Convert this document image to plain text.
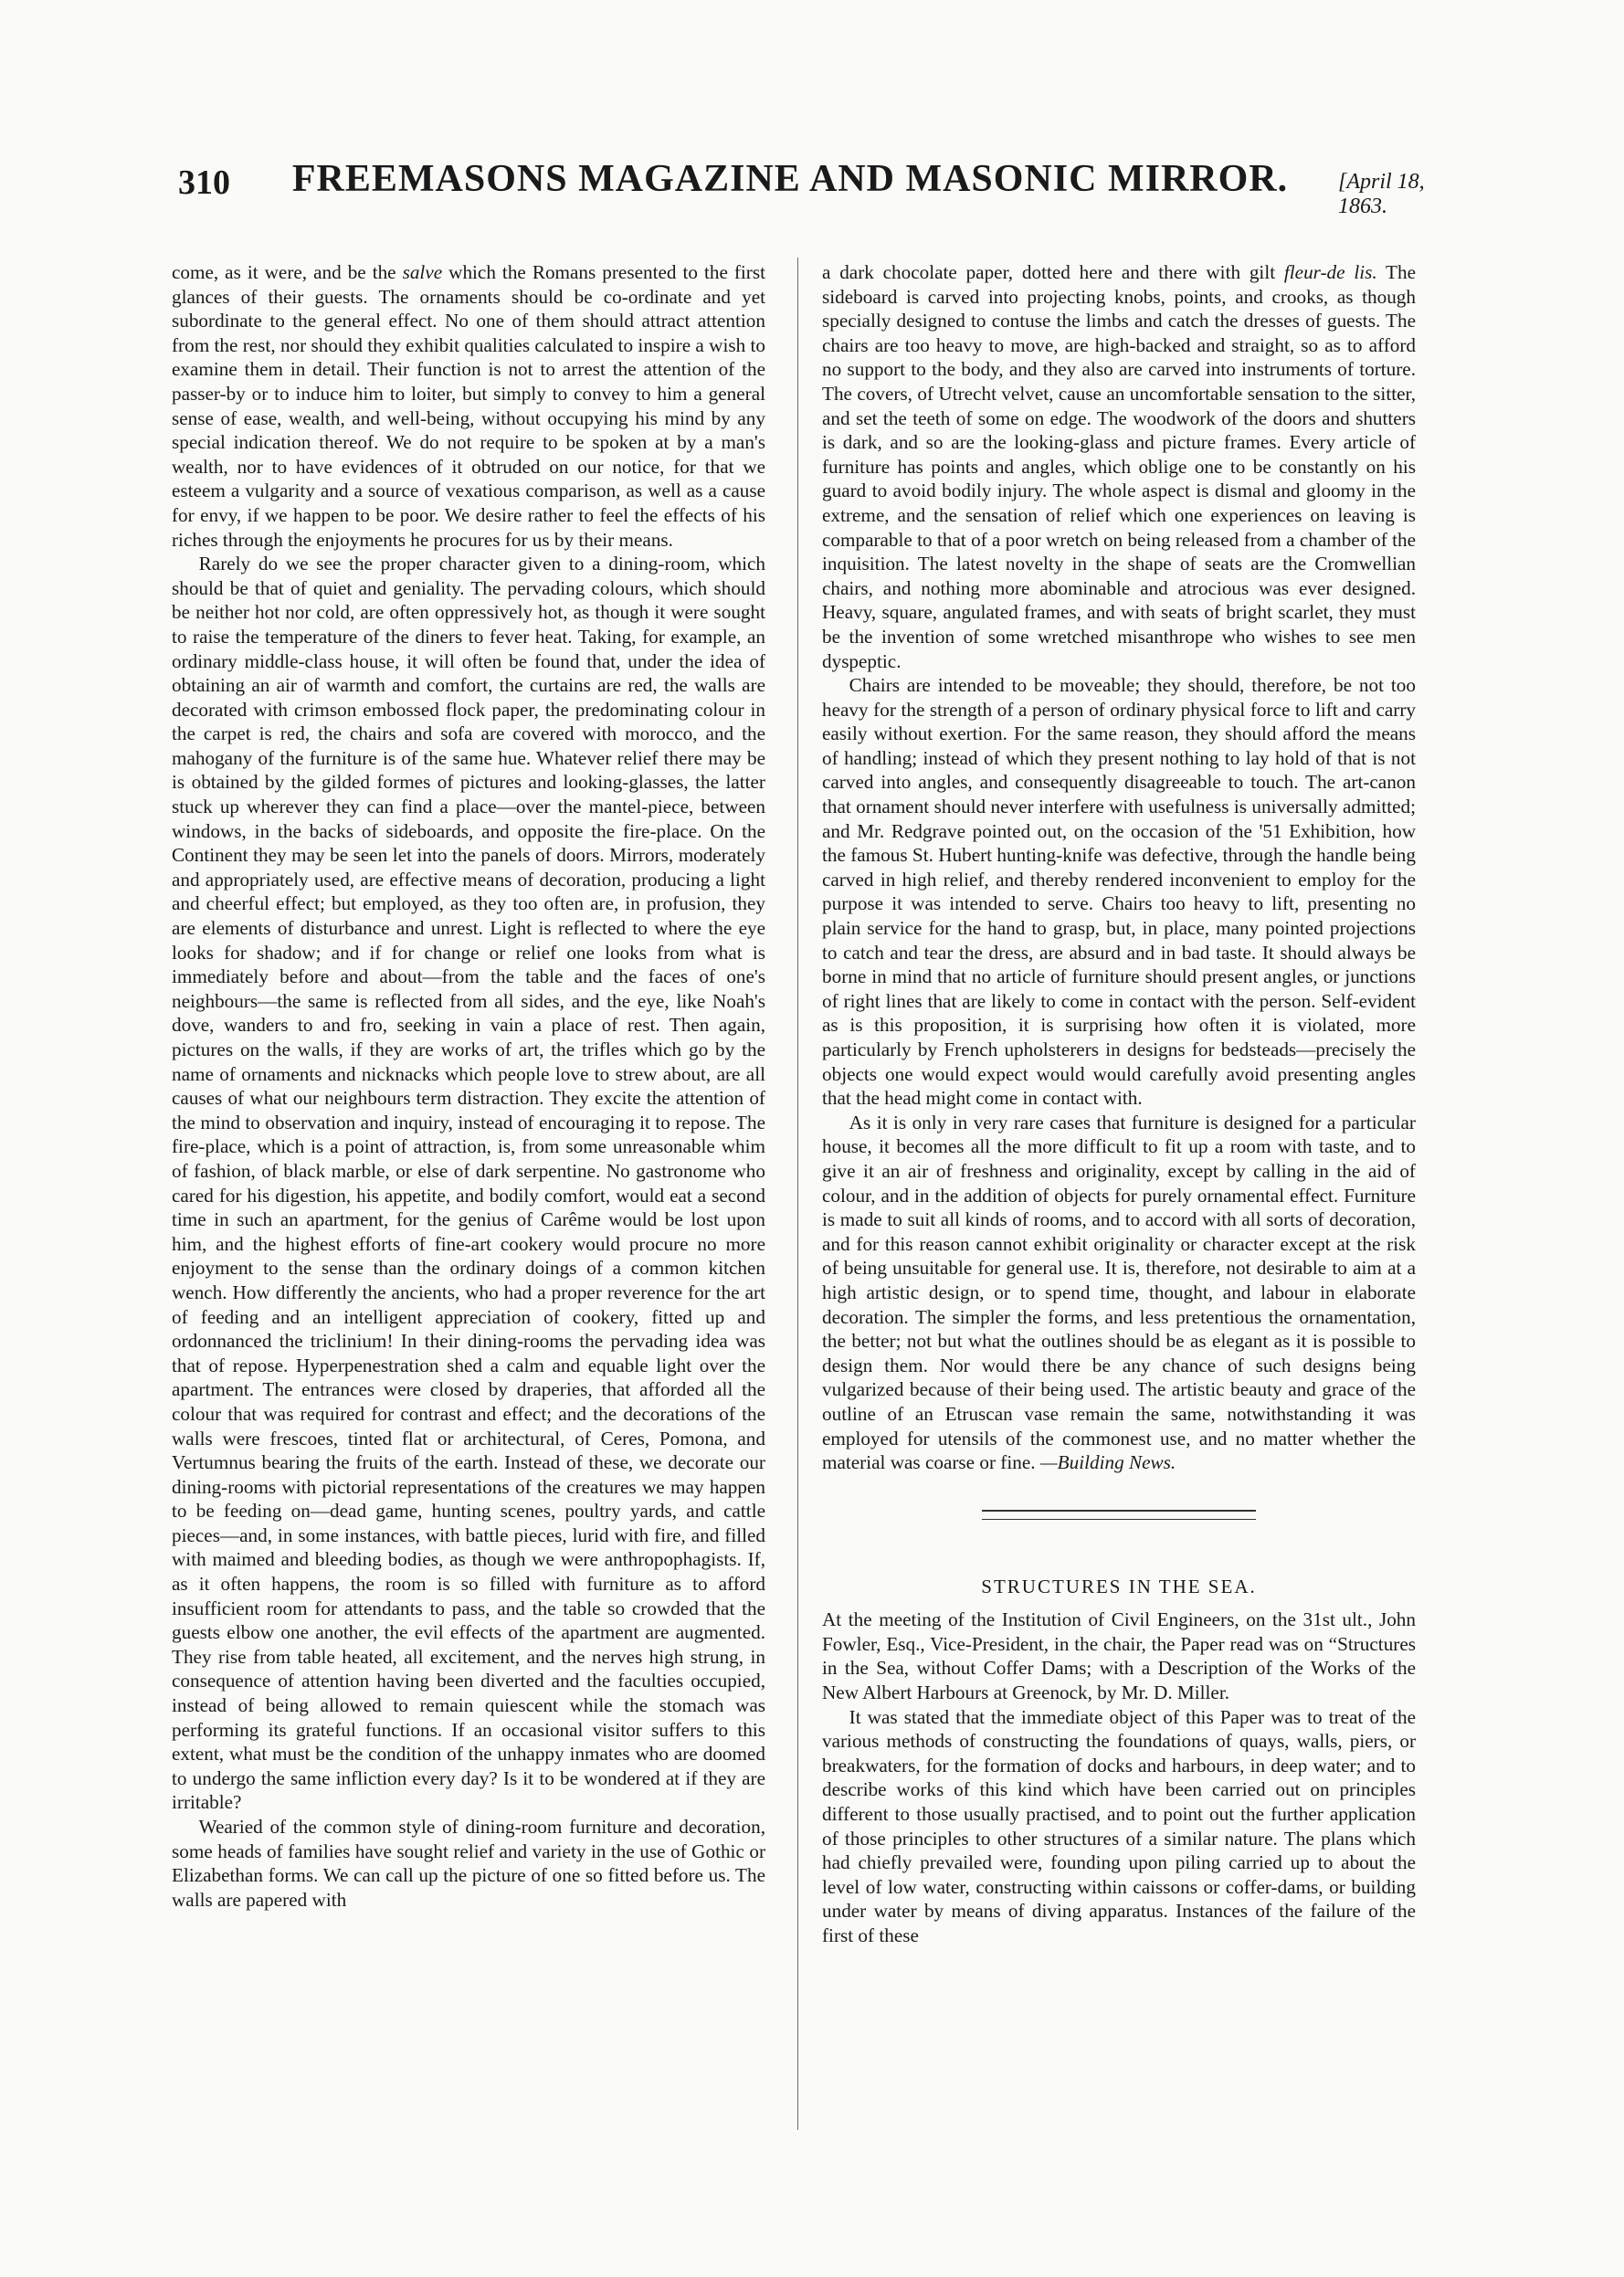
310 FREEMASONS MAGAZINE AND MASONIC MIRROR. [April 18, 1863.

come, as it were, and be the salve which the Romans presented to the first glances of their guests. The ornaments should be co-ordinate and yet subordinate to the general effect. No one of them should attract attention from the rest, nor should they exhibit qualities calculated to inspire a wish to examine them in detail. Their function is not to arrest the attention of the passer-by or to induce him to loiter, but simply to convey to him a general sense of ease, wealth, and well-being, without occupying his mind by any special indication thereof. We do not require to be spoken at by a man's wealth, nor to have evidences of it obtruded on our notice, for that we esteem a vulgarity and a source of vexatious comparison, as well as a cause for envy, if we happen to be poor. We desire rather to feel the effects of his riches through the enjoyments he procures for us by their means.

Rarely do we see the proper character given to a dining-room, which should be that of quiet and geniality. The pervading colours, which should be neither hot nor cold, are often oppressively hot, as though it were sought to raise the temperature of the diners to fever heat. Taking, for example, an ordinary middle-class house, it will often be found that, under the idea of obtaining an air of warmth and comfort, the curtains are red, the walls are decorated with crimson embossed flock paper, the predominating colour in the carpet is red, the chairs and sofa are covered with morocco, and the mahogany of the furniture is of the same hue. Whatever relief there may be is obtained by the gilded formes of pictures and looking-glasses, the latter stuck up wherever they can find a place—over the mantel-piece, between windows, in the backs of sideboards, and opposite the fire-place. On the Continent they may be seen let into the panels of doors. Mirrors, moderately and appropriately used, are effective means of decoration, producing a light and cheerful effect; but employed, as they too often are, in profusion, they are elements of disturbance and unrest. Light is reflected to where the eye looks for shadow; and if for change or relief one looks from what is immediately before and about—from the table and the faces of one's neighbours—the same is reflected from all sides, and the eye, like Noah's dove, wanders to and fro, seeking in vain a place of rest. Then again, pictures on the walls, if they are works of art, the trifles which go by the name of ornaments and nicknacks which people love to strew about, are all causes of what our neighbours term distraction. They excite the attention of the mind to observation and inquiry, instead of encouraging it to repose. The fire-place, which is a point of attraction, is, from some unreasonable whim of fashion, of black marble, or else of dark serpentine. No gastronome who cared for his digestion, his appetite, and bodily comfort, would eat a second time in such an apartment, for the genius of Carême would be lost upon him, and the highest efforts of fine-art cookery would procure no more enjoyment to the sense than the ordinary doings of a common kitchen wench. How differently the ancients, who had a proper reverence for the art of feeding and an intelligent appreciation of cookery, fitted up and ordonnanced the triclinium! In their dining-rooms the pervading idea was that of repose. Hyperpenestration shed a calm and equable light over the apartment. The entrances were closed by draperies, that afforded all the colour that was required for contrast and effect; and the decorations of the walls were frescoes, tinted flat or architectural, of Ceres, Pomona, and Vertumnus bearing the fruits of the earth. Instead of these, we decorate our dining-rooms with pictorial representations of the creatures we may happen to be feeding on—dead game, hunting scenes, poultry yards, and cattle pieces—and, in some instances, with battle pieces, lurid with fire, and filled with maimed and bleeding bodies, as though we were anthropophagists. If, as it often happens, the room is so filled with furniture as to afford insufficient room for attendants to pass, and the table so crowded that the guests elbow one another, the evil effects of the apartment are augmented. They rise from table heated, all excitement, and the nerves high strung, in consequence of attention having been diverted and the faculties occupied, instead of being allowed to remain quiescent while the stomach was performing its grateful functions. If an occasional visitor suffers to this extent, what must be the condition of the unhappy inmates who are doomed to undergo the same infliction every day? Is it to be wondered at if they are irritable?

Wearied of the common style of dining-room furniture and decoration, some heads of families have sought relief and variety in the use of Gothic or Elizabethan forms. We can call up the picture of one so fitted before us. The walls are papered with

a dark chocolate paper, dotted here and there with gilt fleur-de lis. The sideboard is carved into projecting knobs, points, and crooks, as though specially designed to contuse the limbs and catch the dresses of guests. The chairs are too heavy to move, are high-backed and straight, so as to afford no support to the body, and they also are carved into instruments of torture. The covers, of Utrecht velvet, cause an uncomfortable sensation to the sitter, and set the teeth of some on edge. The woodwork of the doors and shutters is dark, and so are the looking-glass and picture frames. Every article of furniture has points and angles, which oblige one to be constantly on his guard to avoid bodily injury. The whole aspect is dismal and gloomy in the extreme, and the sensation of relief which one experiences on leaving is comparable to that of a poor wretch on being released from a chamber of the inquisition. The latest novelty in the shape of seats are the Cromwellian chairs, and nothing more abominable and atrocious was ever designed. Heavy, square, angulated frames, and with seats of bright scarlet, they must be the invention of some wretched misanthrope who wishes to see men dyspeptic.

Chairs are intended to be moveable; they should, therefore, be not too heavy for the strength of a person of ordinary physical force to lift and carry easily without exertion. For the same reason, they should afford the means of handling; instead of which they present nothing to lay hold of that is not carved into angles, and consequently disagreeable to touch. The art-canon that ornament should never interfere with usefulness is universally admitted; and Mr. Redgrave pointed out, on the occasion of the '51 Exhibition, how the famous St. Hubert hunting-knife was defective, through the handle being carved in high relief, and thereby rendered inconvenient to employ for the purpose it was intended to serve. Chairs too heavy to lift, presenting no plain service for the hand to grasp, but, in place, many pointed projections to catch and tear the dress, are absurd and in bad taste. It should always be borne in mind that no article of furniture should present angles, or junctions of right lines that are likely to come in contact with the person. Self-evident as is this proposition, it is surprising how often it is violated, more particularly by French upholsterers in designs for bedsteads—precisely the objects one would expect would would carefully avoid presenting angles that the head might come in contact with.

As it is only in very rare cases that furniture is designed for a particular house, it becomes all the more difficult to fit up a room with taste, and to give it an air of freshness and originality, except by calling in the aid of colour, and in the addition of objects for purely ornamental effect. Furniture is made to suit all kinds of rooms, and to accord with all sorts of decoration, and for this reason cannot exhibit originality or character except at the risk of being unsuitable for general use. It is, therefore, not desirable to aim at a high artistic design, or to spend time, thought, and labour in elaborate decoration. The simpler the forms, and less pretentious the ornamentation, the better; not but what the outlines should be as elegant as it is possible to design them. Nor would there be any chance of such designs being vulgarized because of their being used. The artistic beauty and grace of the outline of an Etruscan vase remain the same, notwithstanding it was employed for utensils of the commonest use, and no matter whether the material was coarse or fine. —Building News.

STRUCTURES IN THE SEA.

At the meeting of the Institution of Civil Engineers, on the 31st ult., John Fowler, Esq., Vice-President, in the chair, the Paper read was on “Structures in the Sea, without Coffer Dams; with a Description of the Works of the New Albert Harbours at Greenock, by Mr. D. Miller.

It was stated that the immediate object of this Paper was to treat of the various methods of constructing the foundations of quays, walls, piers, or breakwaters, for the formation of docks and harbours, in deep water; and to describe works of this kind which have been carried out on principles different to those usually practised, and to point out the further application of those principles to other structures of a similar nature. The plans which had chiefly prevailed were, founding upon piling carried up to about the level of low water, constructing within caissons or coffer-dams, or building under water by means of diving apparatus. Instances of the failure of the first of these
